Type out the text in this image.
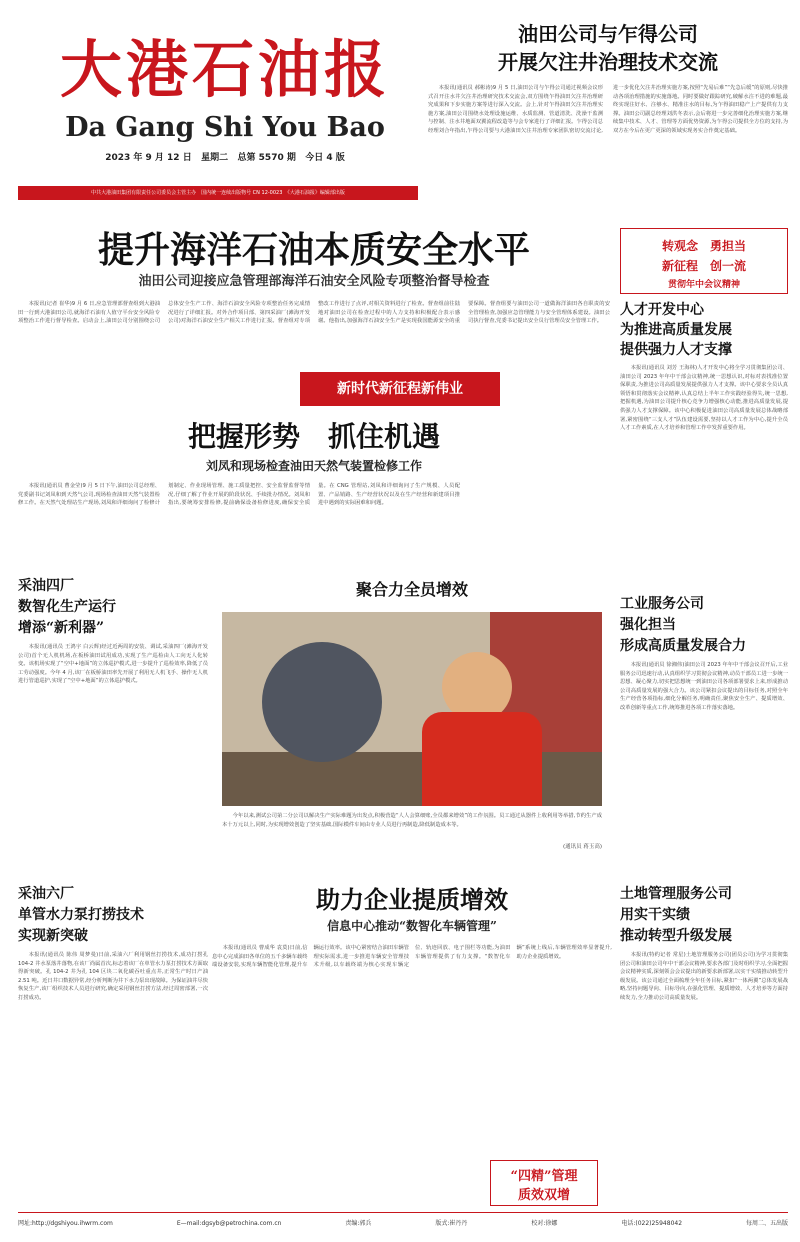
大港石油报
Da Gang Shi You Bao
2023 年 9 月 12 日 星期二 总第 5570 期 今日 4 版
中共大港油田集团有限责任公司委员会主管主办　国内统一连续出版物号 CN 12-0023　《大港石油报》编辑部出版
油田公司与乍得公司
开展欠注井治理技术交流

本报讯(通讯员 郝彬涛)9 月 5 日,油田公司与乍得公司通过视频会议形式召开注水井欠注井治理研究技术交流会,双方围绕乍得油田欠注井治理研究成果和下步实施方案等进行深入交流。会上,针对乍得油田欠注井治理实施方案,油田公司围绕水处理设施运维、水质监测、管道清洗、洗澡干监测与控制、注水井地面双翼流程改造等与会专家进行了详细汇报。乍得公司总经理刘合年指出,乍得公司要与大港油田欠注井治理专家团队密切交流讨论,进一步优化欠注井治理实施方案,按照“先易后难”“先急后缓”的原则,尽快推动各项治理措施的实施落地。同时要做好跟踪研究,破解水注不进的难题,最终实现注好水、注够水、精准注水的目标,为乍得油田稳产上产提供有力支撑。油田公司副总经理刘洪冬表示,会后将进一步完善细化治理实施方案,继续集中技术、人才、管理等方面优势资源,为乍得公司提供全方位的支持,为双方在今后在更广更深的领域实现务实合作奠定基础。

转观念　勇担当
新征程　创一流
贯彻年中会议精神
提升海洋石油本质安全水平
油田公司迎接应急管理部海洋石油安全风险专项整治督导检查

本报讯(记者 崔华)9 月 6 日,应急管理部督查组到大港油田一行到大港油田公司,就海洋石油有人值守平台安全风险专项整治工作进行督导检查。启动会上,油田公司分别围绕公司总体安全生产工作、海洋石油安全风险专项整治任务完成情况进行了详细汇报。对外合作项目部、第四采油厂(滩海开发公司)对海洋石油安全生产相关工作进行汇报。督查组对专项整改工作进行了点评,对相关资料进行了检查。督查组前往陆地对油田公司在检查过程中的人力支持和积极配合表示感谢。他指出,加强海洋石油安全生产是实现我国能源安全的重要保障。督查组要与油田公司一道做海洋油田各自职责的安全管理检查,加强应急管理能力与安全管理体系建设。油田公司执行督查,党委书记提出安全员行管理员安全管理工作。

新时代新征程新伟业
把握形势　抓住机遇
刘凤和现场检查油田天然气装置检修工作

本报讯(通讯员 曹金莹)9 月 5 日下午,油田公司总经理、党委副书记刘凤和到天然气公司,现场检查油田天然气装置检修工作。在天然气处理站生产现场,刘凤和详细询问了检修计划制定、作业现场管理、施工质量把控、安全监督监督等情况,仔细了解了作业开展的阶段状况、手续批办情况。刘凤和指出,要统筹安排检修,提前确保设备检修进度,确保安全质量。在 CNG 管理站,刘凤和详细询问了生产规模、人员配置、产品销路、生产经营状况以及在生产经营和新建项目推进中遇到的实际困难和问题。

人才开发中心
为推进高质量发展
提供强力人才支撑

本报讯(通讯员 刘芳 王海林)人才开发中心将全学习贯彻集团公司、油田公司 2023 年年中干部会议精神,统一思想认识,对标对表找准位置保职责,为推进公司高质量发展提供强力人才支撑。该中心要求全员认真领悟和贯彻落实会议精神,认真总结上半年工作实践经验得失,统一思想,把握机遇,为油田公司提升核心竞争力增强核心动能,推进高质量发展,提供强力人才支撑保障。该中心积极促进油田公司高质量发展总体战略部署,紧密围绕“三支人才”队伍建设需要,坚持以人才工作为中心,提升全员人才工作素质,在人才培养和管理工作中发挥重要作用。

工业服务公司
强化担当
形成高质量发展合力

本报讯(通讯员 徐湘伟)油田公司 2023 年年中干部会议召开后,工业服务公司迅速行动,认真组织学习贯彻会议精神,动员干部员工进一步统一思想、凝心聚力,切实把思想统一到油田公司各项部署要求上来,形成推动公司高质量发展的强大合力。该公司紧扣会议提出的目标任务,对照全年生产经营各项指标,细化分解任务,明确责任,聚焦安全生产、提质增效、改革创新等重点工作,统筹推进各项工作落实落地。

土地管理服务公司
用实干实绩
推动转型升级发展

本报讯(特约记者 常星)土地管理服务公司(团员公司)为学习贯彻集团公司和油田公司年中干部会议精神,要求各部门及时组织学习,全面把握会议精神实质,深刻领会会议提出的新要求新部署,以实干实绩推动转型升级发展。该公司通过全面梳理全年任务目标,紧扣“一体两翼”总体发展战略,坚持问题导向、目标导向,在强化管理、提质增效、人才培养等方面持续发力,全力推动公司高质量发展。

采油四厂
数智化生产运行
增添“新利器”

本报讯(通讯员 王鸿宇 白云辉)经过近两周的安装、调试,采油四厂(滩海开发公司)首个无人机机场,在板桥油田试用成功,实现了生产巡检由人工向无人化转变。该机场实现了“空中+地面”的立体巡护模式,进一步提升了巡检效率,降低了员工劳动强度。今年 4 月,该厂在板桥油田率先开展了利用无人机飞手、操作无人机进行管道巡护,实现了“空中+地面”的立体巡护模式。

采油六厂
单管水力泵打捞技术
实现新突破

本报讯(通讯员 陈伟 周梦曼)日前,采油六厂利用钢丝打捞技术,成功打捞孔 104-2 井水泵落井落物,在该厂尚属首次,标志着该厂在单管水力泵打捞技术方面取得新突破。孔 104-2 井为孔 104 区块二氧化碳吞吐重点井,正常生产时日产油 2.51 吨。近日井口数据异常,经分析判断为井下水力泵出现故障。为保证油井尽快恢复生产,该厂组织技术人员进行研究,确定采用钢丝打捞方法,经过周密部署,一次打捞成功。

聚合力全员增效

今年以来,测试公司第二分公司以解决生产实际难题为出发点,积极营造“人人会算细账,全员都来增效”的工作氛围。员工通过从器件上收利用等举措,节约生产成本十万元以上,同时,为实现增效创造了坚实基础,国际模件车间由专业人员进行再制造,降低制造成本等。

(通讯员 蒋玉高)
助力企业提质增效
信息中心推动“数智化车辆管理”

本报讯(通讯员 曹成华 袁莫)日前,信息中心完成油田各单位的五千多辆车载终端设备安装,实现车辆智能化管理,提升车辆运行效率。该中心紧密结合油田车辆管理实际需求,进一步推进车辆安全管理技术升级,以车载终端为核心实现车辆定位、轨迹回放、电子围栏等功能,为油田车辆管理提供了有力支撑。“数智化车辆”系统上线后,车辆管理效率显著提升,助力企业提质增效。

“四精”管理
质效双增
网址:http://dgshiyou.ihwrm.com	E—mail:dgsyb@petrochina.com.cn	责编:郭兵	版式:崔丹丹	校对:徐娜	电话:(022)25948042	每周二、五出版
